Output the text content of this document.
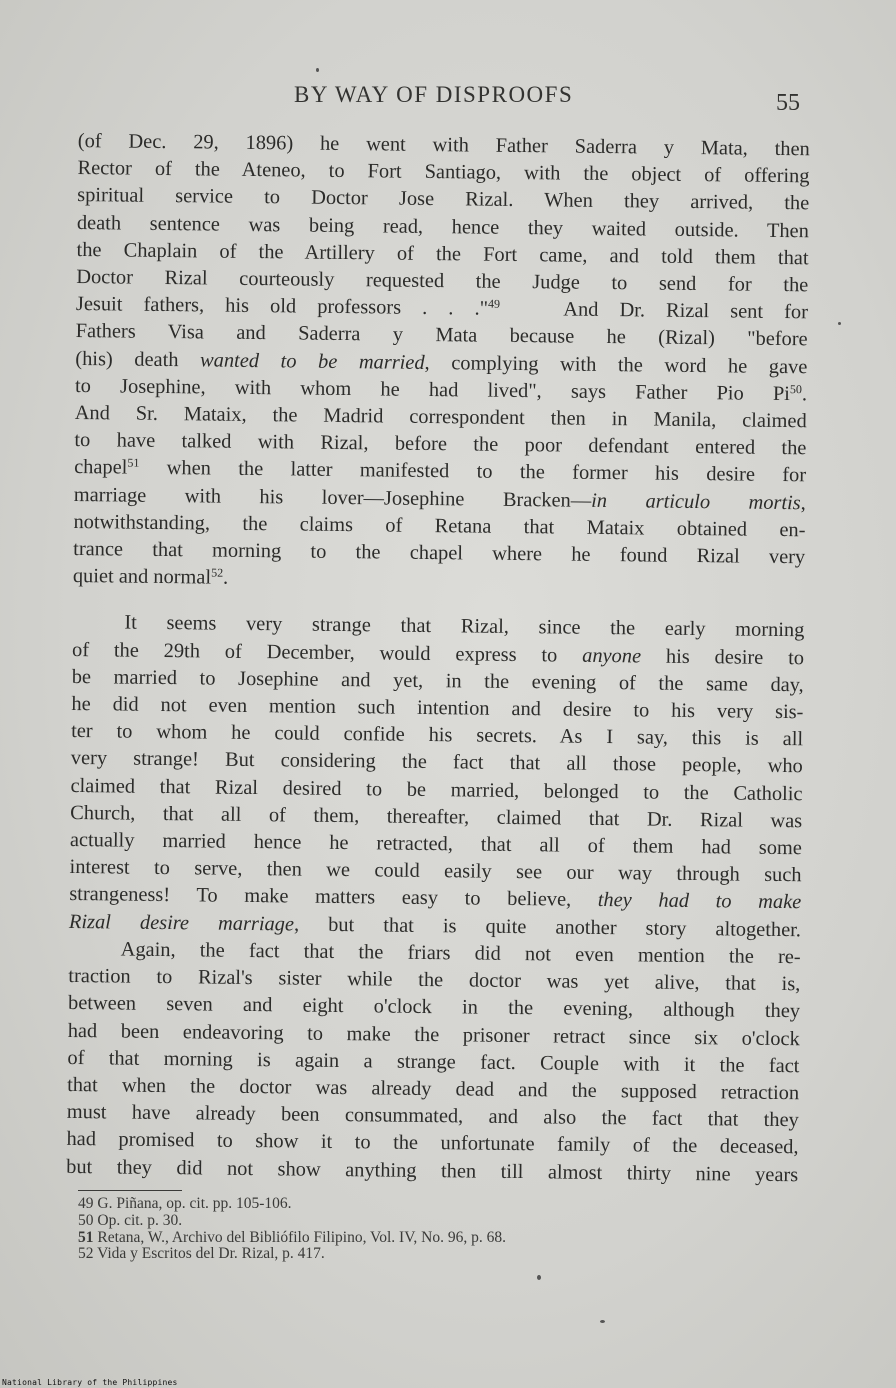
BY WAY OF DISPROOFS	55
(of Dec. 29, 1896) he went with Father Saderra y Mata, then
Rector of the Ateneo, to Fort Santiago, with the object of offering
spiritual service to Doctor Jose Rizal. When they arrived, the
death sentence was being read, hence they waited outside. Then
the Chaplain of the Artillery of the Fort came, and told them that
Doctor Rizal courteously requested the Judge to send for the
Jesuit fathers, his old professors . . ."$^{49}$	And Dr. Rizal sent for
Fathers Visa and Saderra y Mata because he (Rizal) "before
(his) death wanted to be married, complying with the word he gave
to Josephine, with whom he had lived", says Father Pio Pi$^{50}$.
And Sr. Mataix, the Madrid correspondent then in Manila, claimed
to have talked with Rizal, before the poor defendant entered the
chapel$^{51}$ when the latter manifested to the former his desire for
marriage with his lover—Josephine Bracken—in articulo mortis,
notwithstanding, the claims of Retana that Mataix obtained en-
trance that morning to the chapel where he found Rizal very
quiet and normal$^{52}$.
It seems very strange that Rizal, since the early morning
of the 29th of December, would express to anyone his desire to
be married to Josephine and yet, in the evening of the same day,
he did not even mention such intention and desire to his very sis-
ter to whom he could confide his secrets. As I say, this is all
very strange! But considering the fact that all those people, who
claimed that Rizal desired to be married, belonged to the Catholic
Church, that all of them, thereafter, claimed that Dr. Rizal was
actually married hence he retracted, that all of them had some
interest to serve, then we could easily see our way through such
strangeness! To make matters easy to believe, they had to make
Rizal desire marriage, but that is quite another story altogether.
Again, the fact that the friars did not even mention the re-
traction to Rizal's sister while the doctor was yet alive, that is,
between seven and eight o'clock in the evening, although they
had been endeavoring to make the prisoner retract since six o'clock
of that morning is again a strange fact. Couple with it the fact
that when the doctor was already dead and the supposed retraction
must have already been consummated, and also the fact that they
had promised to show it to the unfortunate family of the deceased,
but they did not show anything then till almost thirty nine years
49 G. Piñana, op. cit. pp. 105-106.
50 Op. cit. p. 30.
51 Retana, W., Archivo del Bibliófilo Filipino, Vol. IV, No. 96, p. 68.
52 Vida y Escritos del Dr. Rizal, p. 417.
National Library of the Philippines
